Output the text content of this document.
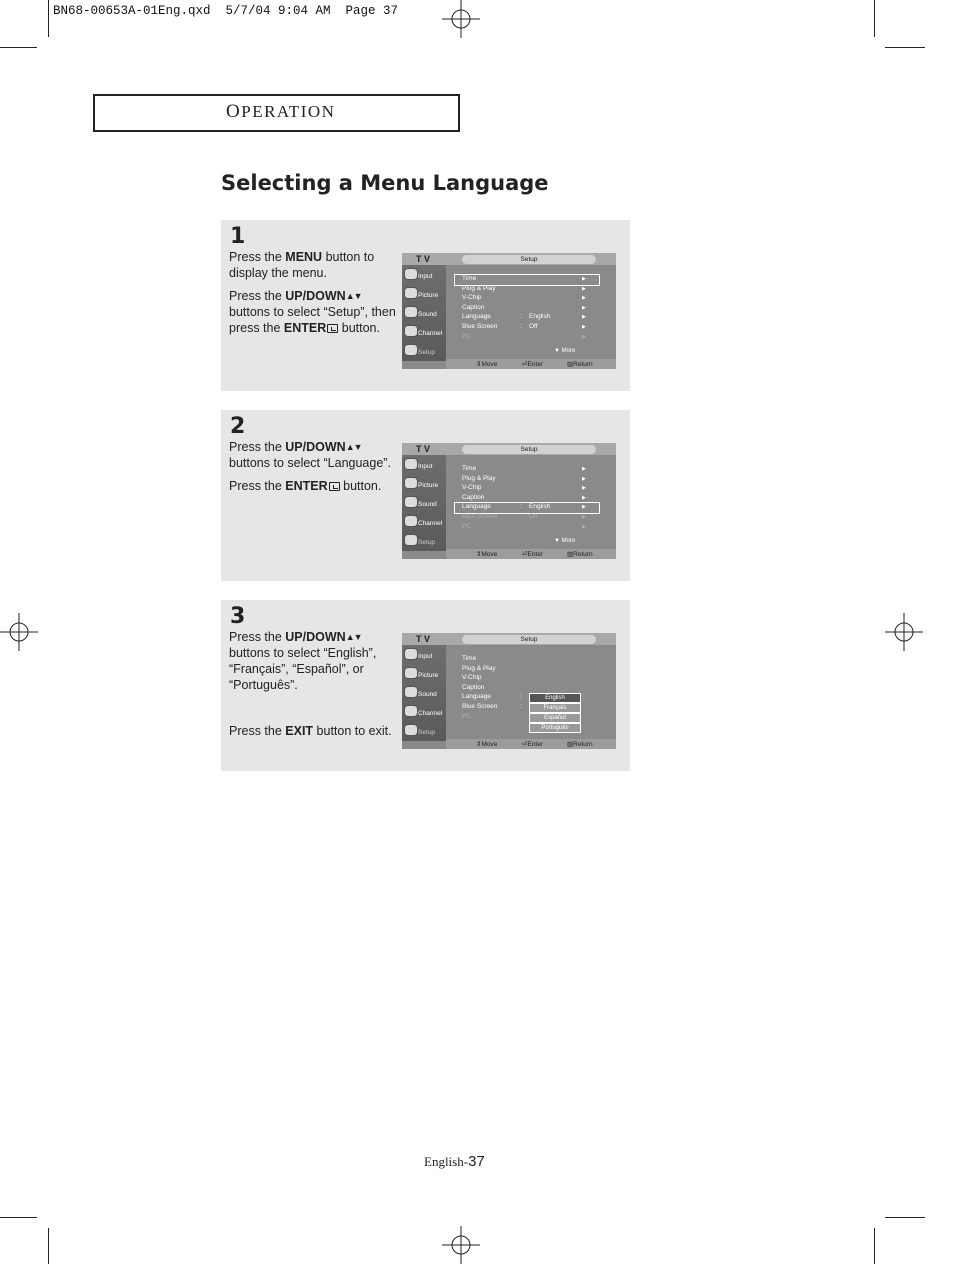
BN68-00653A-01Eng.qxd  5/7/04 9:04 AM  Page 37
OPERATION
Selecting a Menu Language
1

Press the MENU button to display the menu.

Press the UP/DOWN▲▼ buttons to select “Setup”, then press the ENTER button.

T V	Setup
Input
Picture
Sound
Channel
Setup
Time	▶
Plug & Play	▶
V-Chip	▶
Caption	▶
Language	: English	▶
Blue Screen	: Off	▶
PC	▶
▼ More
⇕ Move	⏎ Enter	▥ Return
2

Press the UP/DOWN▲▼ buttons to select “Language”.

Press the ENTER button.

T V	Setup
Input
Picture
Sound
Channel
Setup
Time	▶
Plug & Play	▶
V-Chip	▶
Caption	▶
Language	: English	▶
Blue Screen	: Off	▶
PC	▶
▼ More
⇕ Move	⏎ Enter	▥ Return
3

Press the UP/DOWN▲▼ buttons to select “English”, “Français”, “Español”, or “Português”.

Press the EXIT button to exit.

T V	Setup
Input
Picture
Sound
Channel
Setup
Time
Plug & Play
V-Chip
Caption
Language	:
Blue Screen	:
PC
English
Français
Español
Português
⇕ Move	⏎ Enter	▥ Return
English-37
